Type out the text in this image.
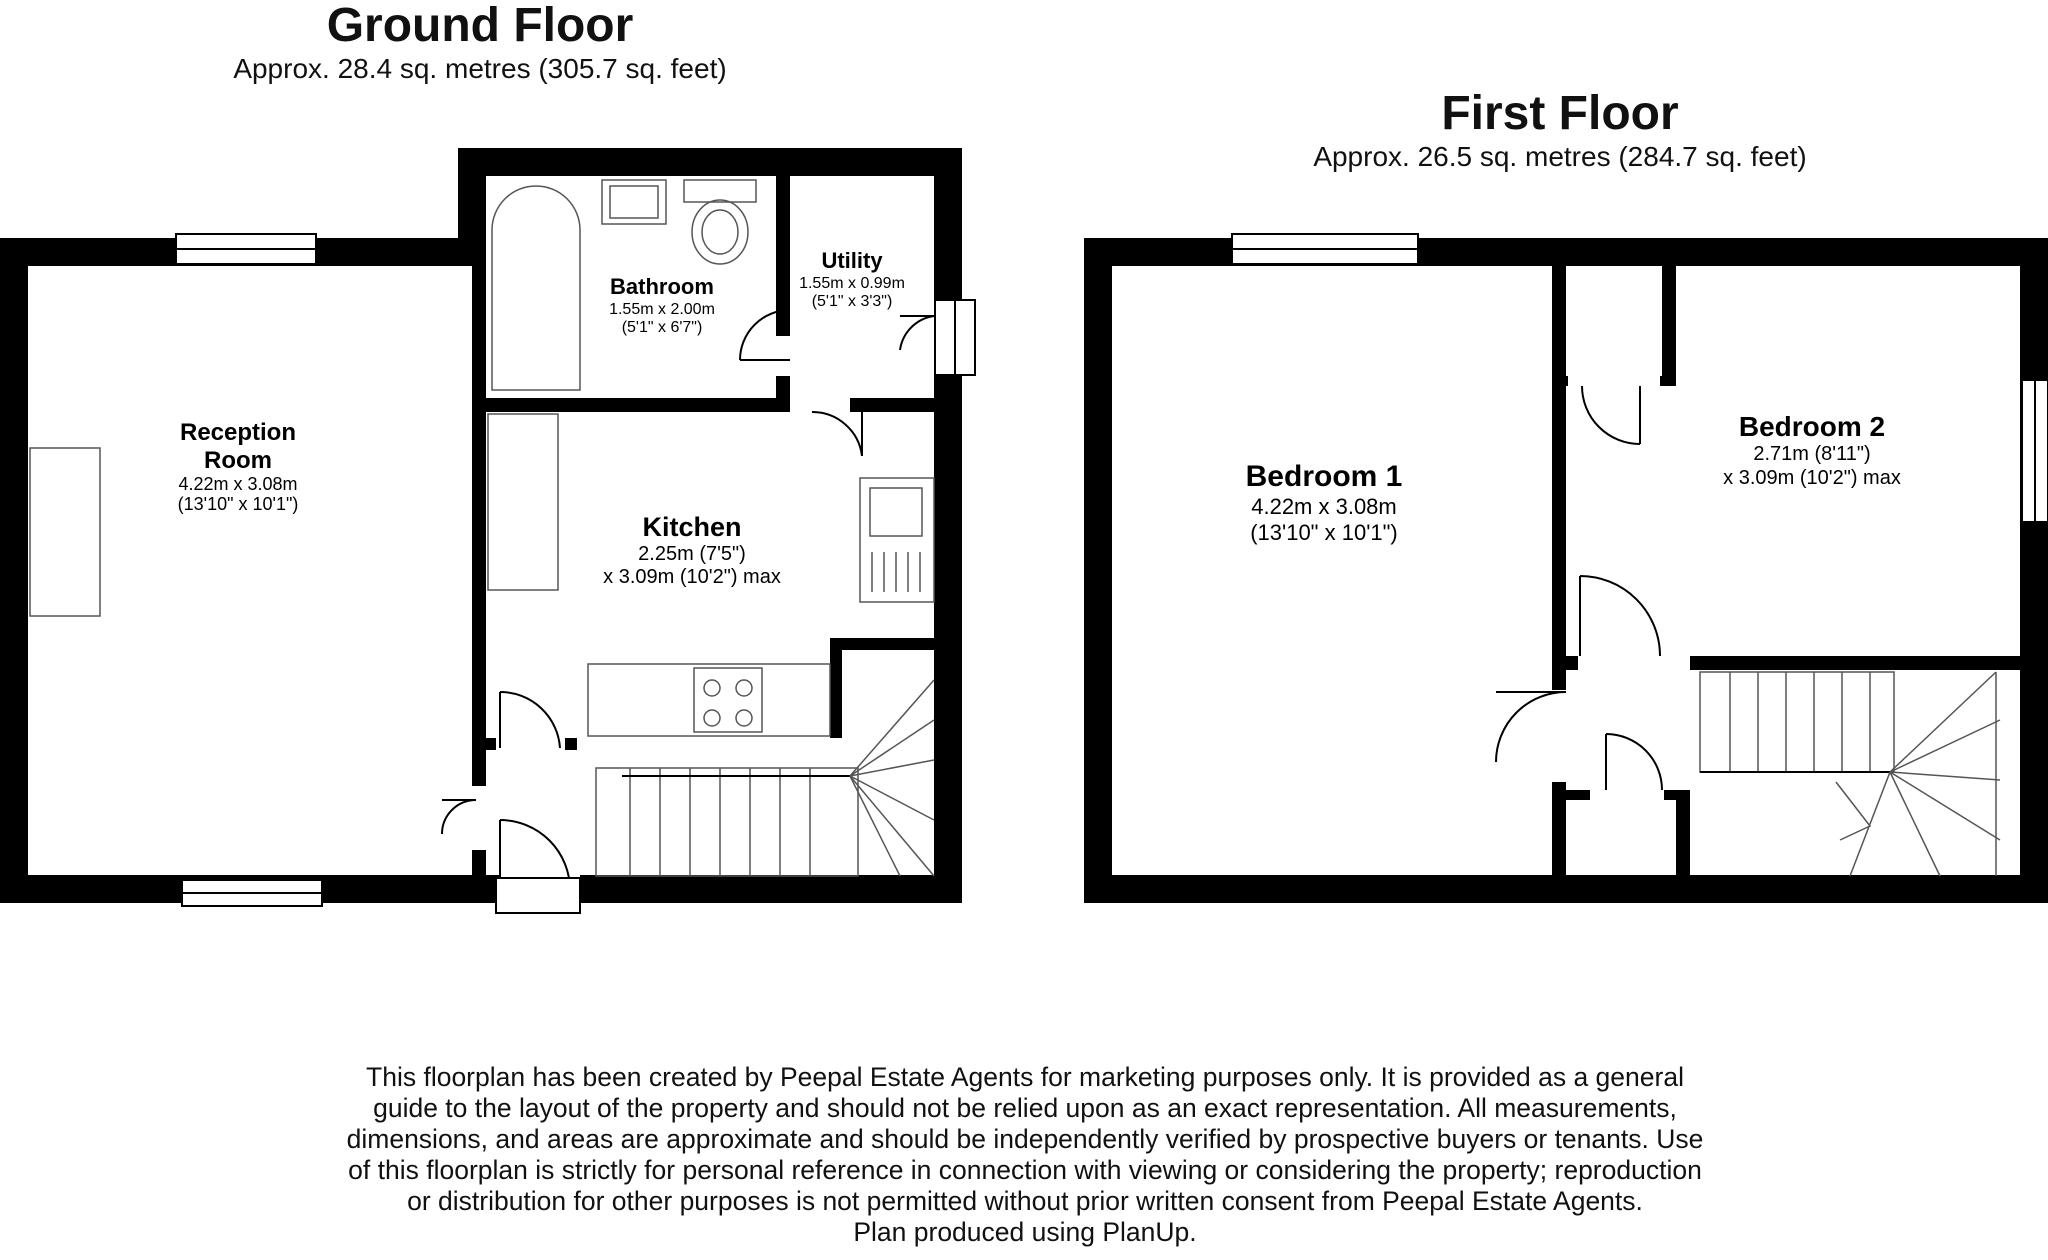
Ground Floor
Approx. 28.4 sq. metres (305.7 sq. feet)
First Floor
Approx. 26.5 sq. metres (284.7 sq. feet)
Reception
Room
4.22m x 3.08m
(13'10" x 10'1")
Bathroom
1.55m x 2.00m
(5'1" x 6'7")
Utility
1.55m x 0.99m
(5'1" x 3'3")
Kitchen
2.25m (7'5")
x 3.09m (10'2") max
Bedroom 1
4.22m x 3.08m
(13'10" x 10'1")
Bedroom 2
2.71m (8'11")
x 3.09m (10'2") max
This floorplan has been created by Peepal Estate Agents for marketing purposes only. It is provided as a general
guide to the layout of the property and should not be relied upon as an exact representation. All measurements,
dimensions, and areas are approximate and should be independently verified by prospective buyers or tenants. Use
of this floorplan is strictly for personal reference in connection with viewing or considering the property; reproduction
or distribution for other purposes is not permitted without prior written consent from Peepal Estate Agents.
Plan produced using PlanUp.
